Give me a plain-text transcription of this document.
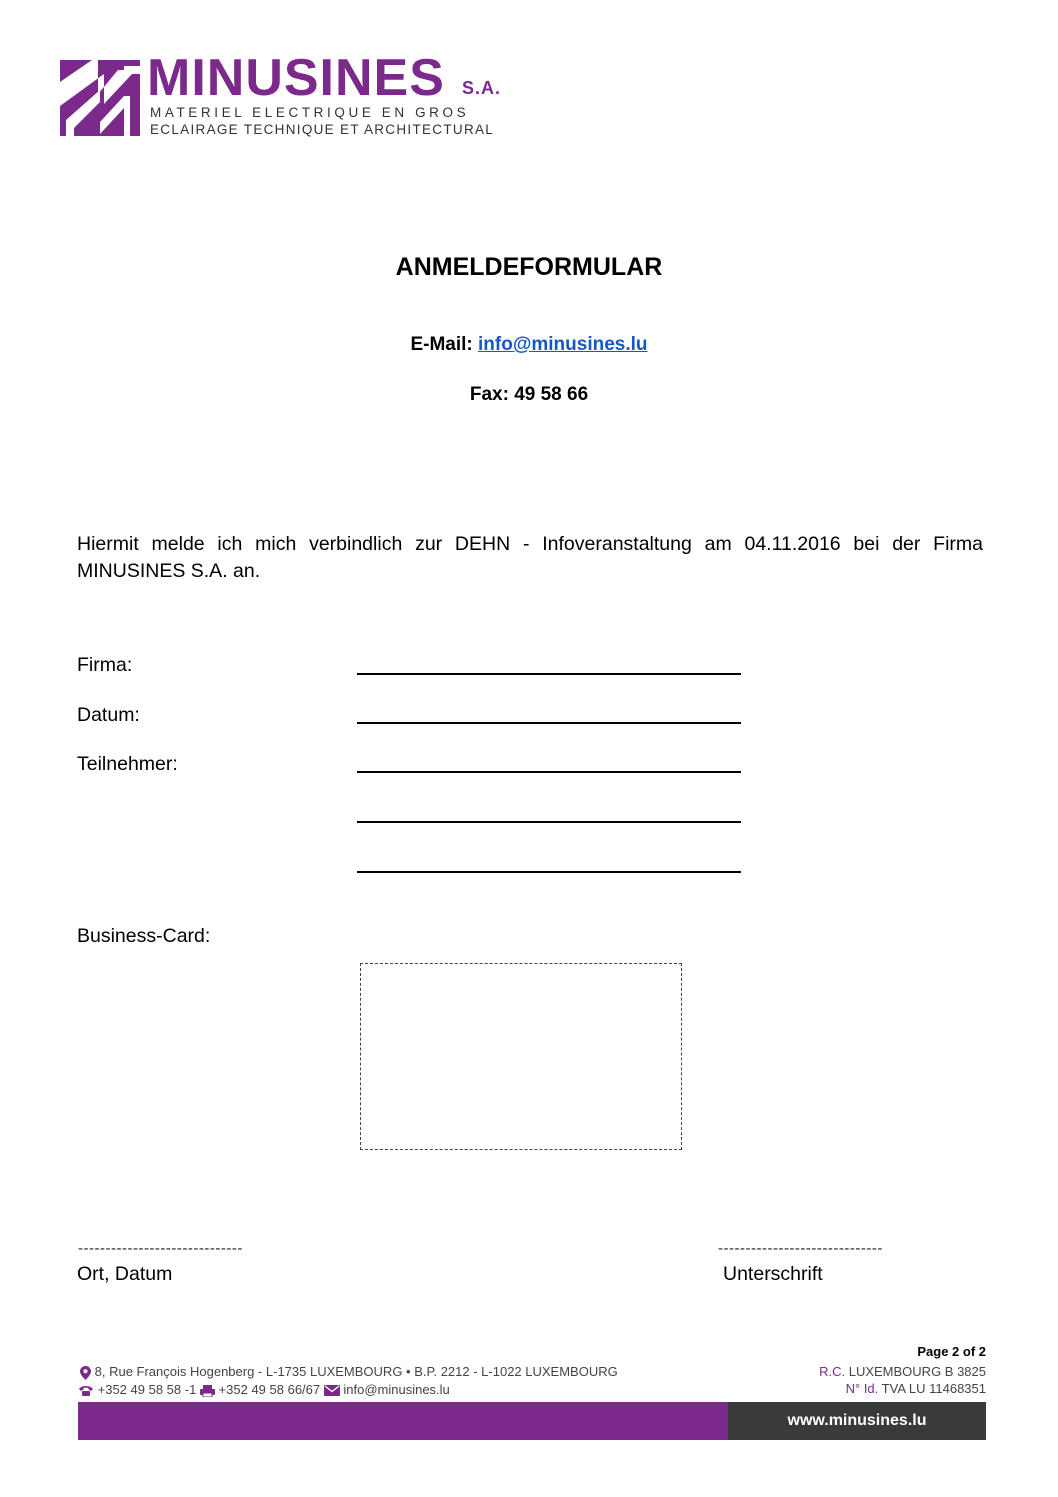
MINUSINES S.A.
MATERIEL ELECTRIQUE EN GROS
ECLAIRAGE TECHNIQUE ET ARCHITECTURAL
ANMELDEFORMULAR
E-Mail: info@minusines.lu
Fax: 49 58 66
Hiermit melde ich mich verbindlich zur DEHN - Infoveranstaltung am 04.11.2016 bei der Firma MINUSINES S.A. an.
Firma:
Datum:
Teilnehmer:
Business-Card:
------------------------------
Ort, Datum
------------------------------
Unterschrift
Page 2 of 2
8, Rue François Hogenberg - L-1735 LUXEMBOURG • B.P. 2212 - L-1022 LUXEMBOURG
+352 49 58 58 -1 +352 49 58 66/67 info@minusines.lu
R.C. LUXEMBOURG B 3825
N° Id. TVA LU 11468351
www.minusines.lu
